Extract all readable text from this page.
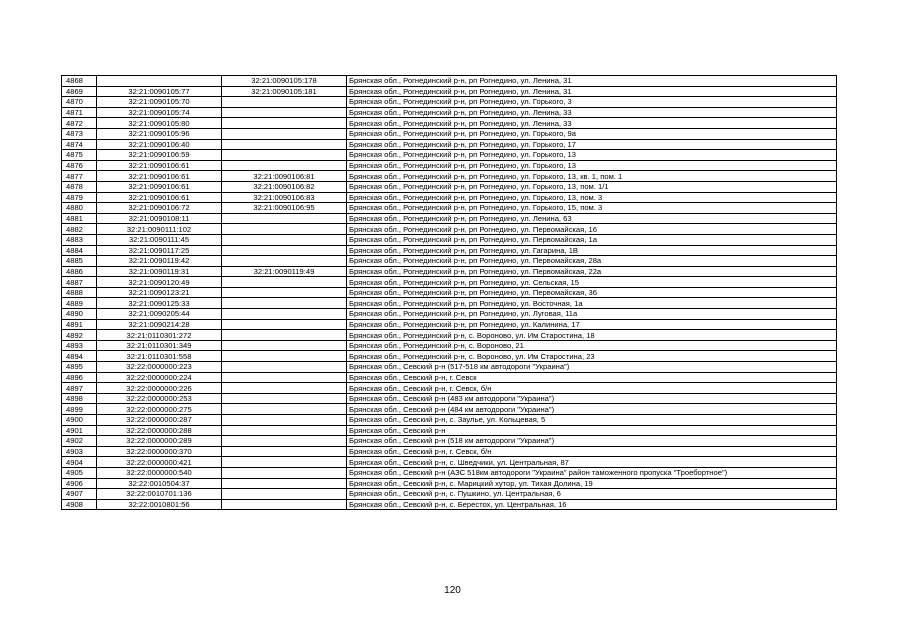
4868		32:21:0090105:178	Брянская обл., Рогнединский р-н, рп Рогнедино, ул. Ленина, 31
4869	32:21:0090105:77	32:21:0090105:181	Брянская обл., Рогнединский р-н, рп Рогнедино, ул. Ленина, 31
4870	32:21:0090105:70		Брянская обл., Рогнединский р-н, рп Рогнедино, ул. Горького, 3
4871	32:21:0090105:74		Брянская обл., Рогнединский р-н, рп Рогнедино, ул. Ленина, 33
4872	32:21:0090105:80		Брянская обл., Рогнединский р-н, рп Рогнедино, ул. Ленина, 33
4873	32:21:0090105:96		Брянская обл., Рогнединский р-н, рп Рогнедино, ул. Горького, 9а
4874	32:21:0090106:40		Брянская обл., Рогнединский р-н, рп Рогнедино, ул. Горького, 17
4875	32:21:0090106:59		Брянская обл., Рогнединский р-н, рп Рогнедино, ул. Горького, 13
4876	32:21:0090106:61		Брянская обл., Рогнединский р-н, рп Рогнедино, ул. Горького, 13
4877	32:21:0090106:61	32:21:0090106:81	Брянская обл., Рогнединский р-н, рп Рогнедино, ул. Горького, 13, кв. 1, пом. 1
4878	32:21:0090106:61	32:21:0090106:82	Брянская обл., Рогнединский р-н, рп Рогнедино, ул. Горького, 13, пом. 1/1
4879	32:21:0090106:61	32:21:0090106:83	Брянская обл., Рогнединский р-н, рп Рогнедино, ул. Горького, 13, пом. 3
4880	32:21:0090106:72	32:21:0090106:95	Брянская обл., Рогнединский р-н, рп Рогнедино, ул. Горького, 15, пом. 3
4881	32:21:0090108:11		Брянская обл., Рогнединский р-н, рп Рогнедино, ул. Ленина, 63
4882	32:21:0090111:102		Брянская обл., Рогнединский р-н, рп Рогнедино, ул. Первомайская, 16
4883	32:21:0090111:45		Брянская обл., Рогнединский р-н, рп Рогнедино, ул. Первомайская, 1а
4884	32:21:0090117:25		Брянская обл., Рогнединский р-н, рп Рогнедино, ул. Гагарина, 1В
4885	32:21:0090119:42		Брянская обл., Рогнединский р-н, рп Рогнедино, ул. Первомайская, 28а
4886	32:21:0090119:31	32:21:0090119:49	Брянская обл., Рогнединский р-н, рп Рогнедино, ул. Первомайская, 22а
4887	32:21:0090120:49		Брянская обл., Рогнединский р-н, рп Рогнедино, ул. Сельская, 15
4888	32:21:0090123:21		Брянская обл., Рогнединский р-н, рп Рогнедино, ул. Первомайская, 36
4889	32:21:0090125:33		Брянская обл., Рогнединский р-н, рп Рогнедино, ул. Восточная, 1а
4890	32:21:0090205:44		Брянская обл., Рогнединский р-н, рп Рогнедино, ул. Луговая, 11а
4891	32:21:0090214:28		Брянская обл., Рогнединский р-н, рп Рогнедино, ул. Калинина, 17
4892	32:21:0110301:272		Брянская обл., Рогнединский р-н, с. Вороново, ул. Им Старостина, 18
4893	32:21:0110301:349		Брянская обл., Рогнединский р-н, с. Вороново, 21
4894	32:21:0110301:558		Брянская обл., Рогнединский р-н, с. Вороново, ул. Им Старостина, 23
4895	32:22:0000000:223		Брянская обл., Севский р-н (517-518 км автодороги "Украина")
4896	32:22:0000000:224		Брянская обл., Севский р-н, г. Севск
4897	32:22:0000000:226		Брянская обл., Севский р-н, г. Севск, б/н
4898	32:22:0000000:253		Брянская обл., Севский р-н (483 км автодороги "Украина")
4899	32:22:0000000:275		Брянская обл., Севский р-н (484 км автодороги "Украина")
4900	32:22:0000000:287		Брянская обл., Севский р-н, с. Заулье, ул. Кольцевая, 5
4901	32:22:0000000:288		Брянская обл., Севский р-н
4902	32:22:0000000:289		Брянская обл., Севский р-н (518 км автодороги "Украина")
4903	32:22:0000000:370		Брянская обл., Севский р-н, г. Севск, б/н
4904	32:22:0000000:421		Брянская обл., Севский р-н, с. Шведчики, ул. Центральная, 87
4905	32:22:0000000:540		Брянская обл., Севский р-н (АЗС 518км автодороги "Украина" район таможенного пропуска "Троебортное")
4906	32:22:0010504:37		Брянская обл., Севский р-н, с. Марицкий хутор, ул. Тихая Долина, 19
4907	32:22:0010701:136		Брянская обл., Севский р-н, с. Пушкино, ул. Центральная, 6
4908	32:22:0010801:56		Брянская обл., Севский р-н, с. Берестох, ул. Центральная, 16
120
